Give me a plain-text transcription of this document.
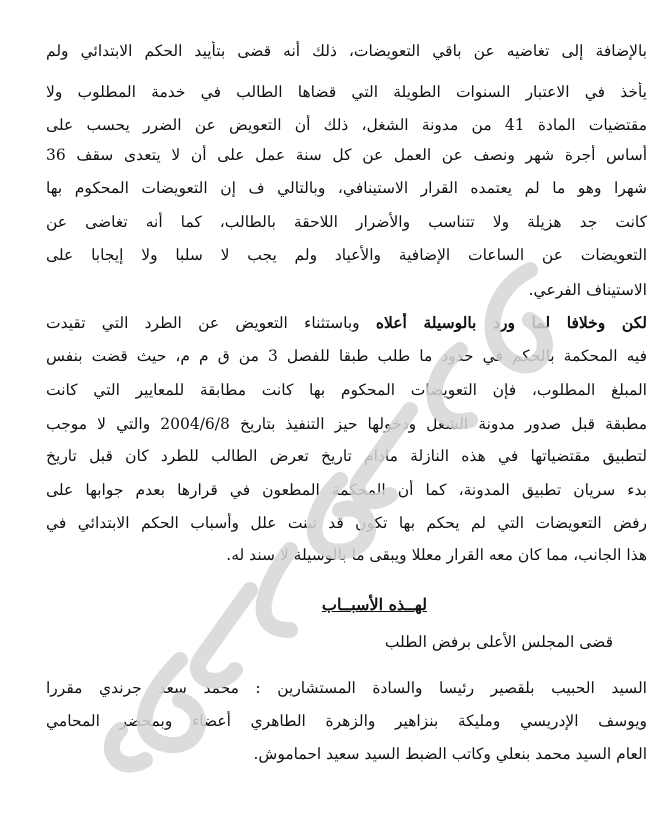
بالإضافة إلى تغاضيه عن باقي التعويضات، ذلك أنه قضى بتأييد الحكم الابتدائي ولم
يأخذ في الاعتبار السنوات الطويلة التي قضاها الطالب في خدمة المطلوب ولا
مقتضيات المادة 41 من مدونة الشغل، ذلك أن التعويض عن الضرر يحسب على
أساس أجرة شهر ونصف عن العمل عن كل سنة عمل على أن لا يتعدى سقف 36
شهرا وهو ما لم يعتمده القرار الاستينافي، وبالتالي ف إن التعويضات المحكوم بها
كانت جد هزيلة ولا تتناسب والأضرار اللاحقة بالطالب، كما أنه تغاضى عن
التعويضات عن الساعات الإضافية والأعياد ولم يجب لا سلبا ولا إيجابا على
الاستيناف الفرعي.
لكن وخلافا لما ورد بالوسيلة أعلاه وباستثناء التعويض عن الطرد التي تقيدت
فيه المحكمة بالحكم في حدود ما طلب طبقا للفصل 3 من ق م م، حيث قضت بنفس
المبلغ المطلوب، فإن التعويضات المحكوم بها كانت مطابقة للمعايير التي كانت
مطبقة قبل صدور مدونة الشغل ودخولها حيز التنفيذ بتاريخ 2004/6/8 والتي لا موجب
لتطبيق مقتضياتها في هذه النازلة مادام تاريخ تعرض الطالب للطرد كان قبل تاريخ
بدء سريان تطبيق المدونة، كما أن المحكمة المطعون في قرارها بعدم جوابها على
رفض التعويضات التي لم يحكم بها تكون قد تبنت علل وأسباب الحكم الابتدائي في
هذا الجانب، مما كان معه القرار معللا ويبقى ما بالوسيلة لا سند له.
لهــذه الأسبــاب
قضى المجلس الأعلى برفض الطلب
السيد الحبيب بلقصير رئيسا والسادة المستشارين : محمد سعد جرندي مقررا
ويوسف الإدريسي ومليكة بنزاهير والزهرة الطاهري أعضاء وبمحضر المحامي
العام السيد محمد بنعلي وكاتب الضبط السيد سعيد احماموش.
